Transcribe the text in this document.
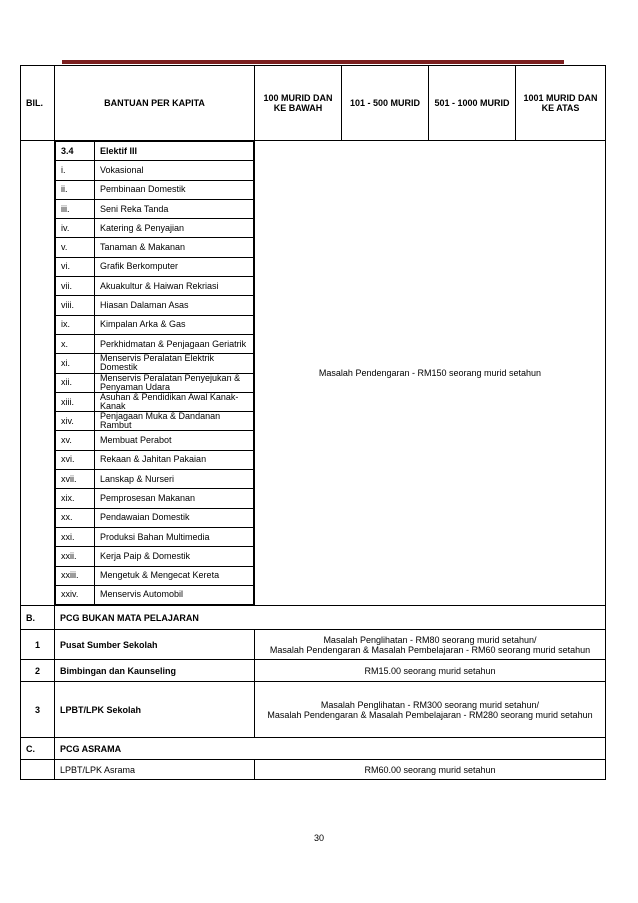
BIL.	BANTUAN PER KAPITA	100 MURID DAN KE BAWAH	101 - 500 MURID	501 - 1000 MURID	1001 MURID DAN KE ATAS

3.4	Elektif III
i.	Vokasional
ii.	Pembinaan Domestik
iii.	Seni Reka Tanda
iv.	Katering & Penyajian
v.	Tanaman & Makanan
vi.	Grafik Berkomputer
vii.	Akuakultur & Haiwan Rekriasi
viii.	Hiasan Dalaman Asas
ix.	Kimpalan Arka & Gas
x.	Perkhidmatan & Penjagaan Geriatrik
xi.	Menservis Peralatan Elektrik Domestik
xii.	Menservis Peralatan Penyejukan & Penyaman Udara
xiii.	Asuhan & Pendidikan Awal Kanak-Kanak
xiv.	Penjagaan Muka & Dandanan Rambut
xv.	Membuat Perabot
xvi.	Rekaan & Jahitan Pakaian
xvii.	Lanskap & Nurseri
xix.	Pemprosesan Makanan
xx.	Pendawaian Domestik
xxi.	Produksi Bahan Multimedia
xxii.	Kerja Paip & Domestik
xxiii.	Mengetuk & Mengecat Kereta
xxiv.	Menservis Automobil
	Masalah Pendengaran - RM150 seorang murid setahun
B.	PCG BUKAN MATA PELAJARAN
1	Pusat Sumber Sekolah	Masalah Penglihatan - RM80 seorang murid setahun/
Masalah Pendengaran & Masalah Pembelajaran - RM60 seorang murid setahun

2	Bimbingan dan Kaunseling	RM15.00 seorang murid setahun
3	LPBT/LPK Sekolah	Masalah Penglihatan - RM300 seorang murid setahun/
Masalah Pendengaran & Masalah Pembelajaran - RM280 seorang murid setahun

C.	PCG ASRAMA
	LPBT/LPK Asrama	RM60.00 seorang murid setahun
30
